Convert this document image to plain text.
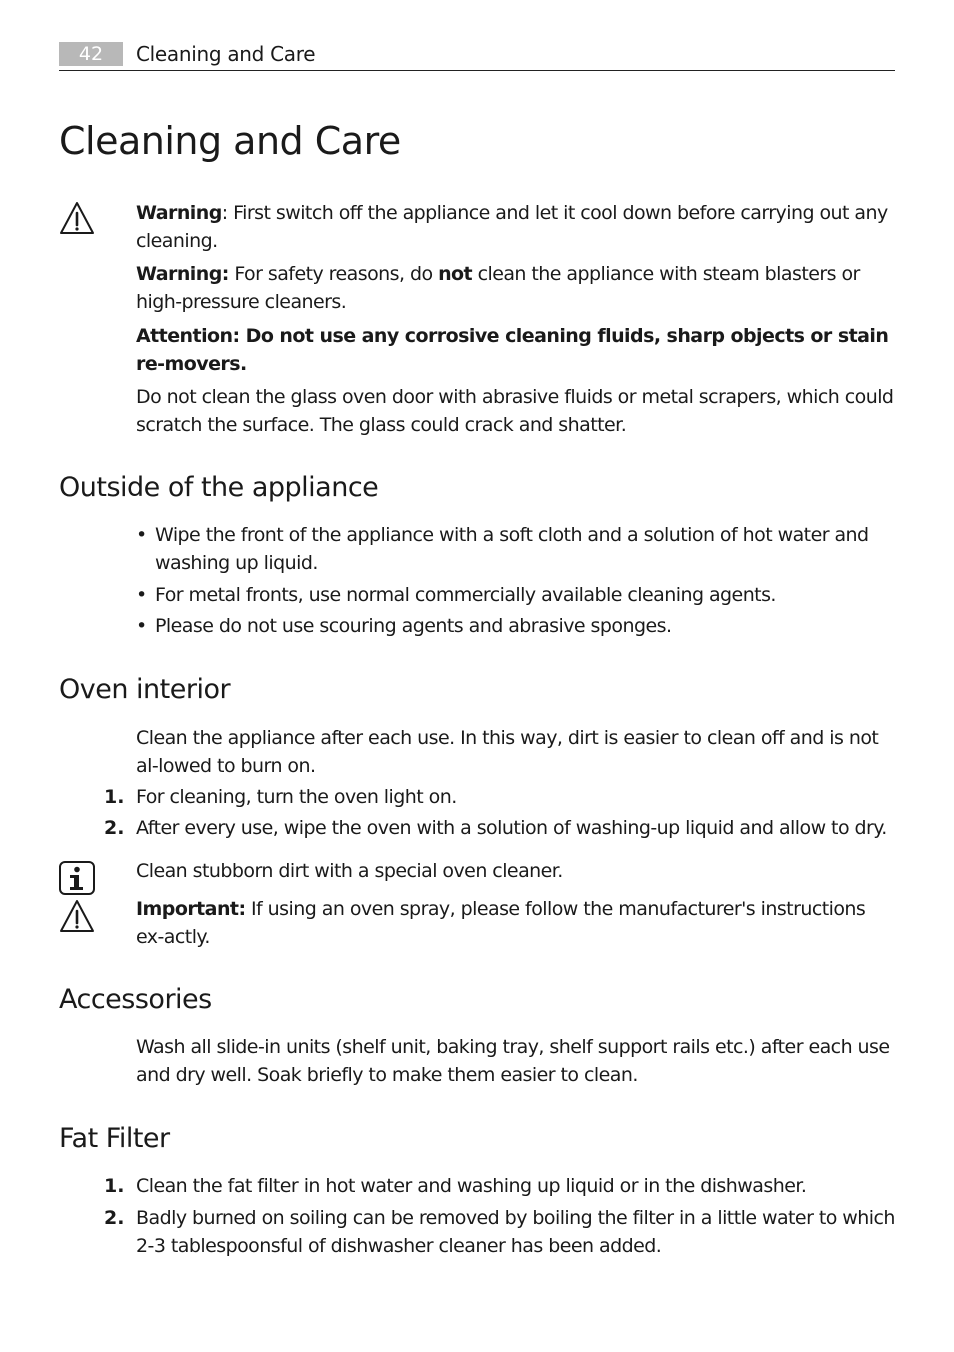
42	Cleaning and Care
Cleaning and Care

Warning: First switch off the appliance and let it cool down before carrying out any cleaning.

Warning: For safety reasons, do not clean the appliance with steam blasters or high-pressure cleaners.

Attention: Do not use any corrosive cleaning fluids, sharp objects or stain re-movers.

Do not clean the glass oven door with abrasive fluids or metal scrapers, which could scratch the surface. The glass could crack and shatter.

Outside of the appliance
• Wipe the front of the appliance with a soft cloth and a solution of hot water and washing up liquid.
• For metal fronts, use normal commercially available cleaning agents.
• Please do not use scouring agents and abrasive sponges.
Oven interior

Clean the appliance after each use. In this way, dirt is easier to clean off and is not al-lowed to burn on.

1. For cleaning, turn the oven light on.

2. After every use, wipe the oven with a solution of washing-up liquid and allow to dry.

Clean stubborn dirt with a special oven cleaner.

Important: If using an oven spray, please follow the manufacturer's instructions ex-actly.

Accessories

Wash all slide-in units (shelf unit, baking tray, shelf support rails etc.) after each use and dry well. Soak briefly to make them easier to clean.

Fat Filter
1. Clean the fat filter in hot water and washing up liquid or in the dishwasher.

2. Badly burned on soiling can be removed by boiling the filter in a little water to which 2-3 tablespoonsful of dishwasher cleaner has been added.
